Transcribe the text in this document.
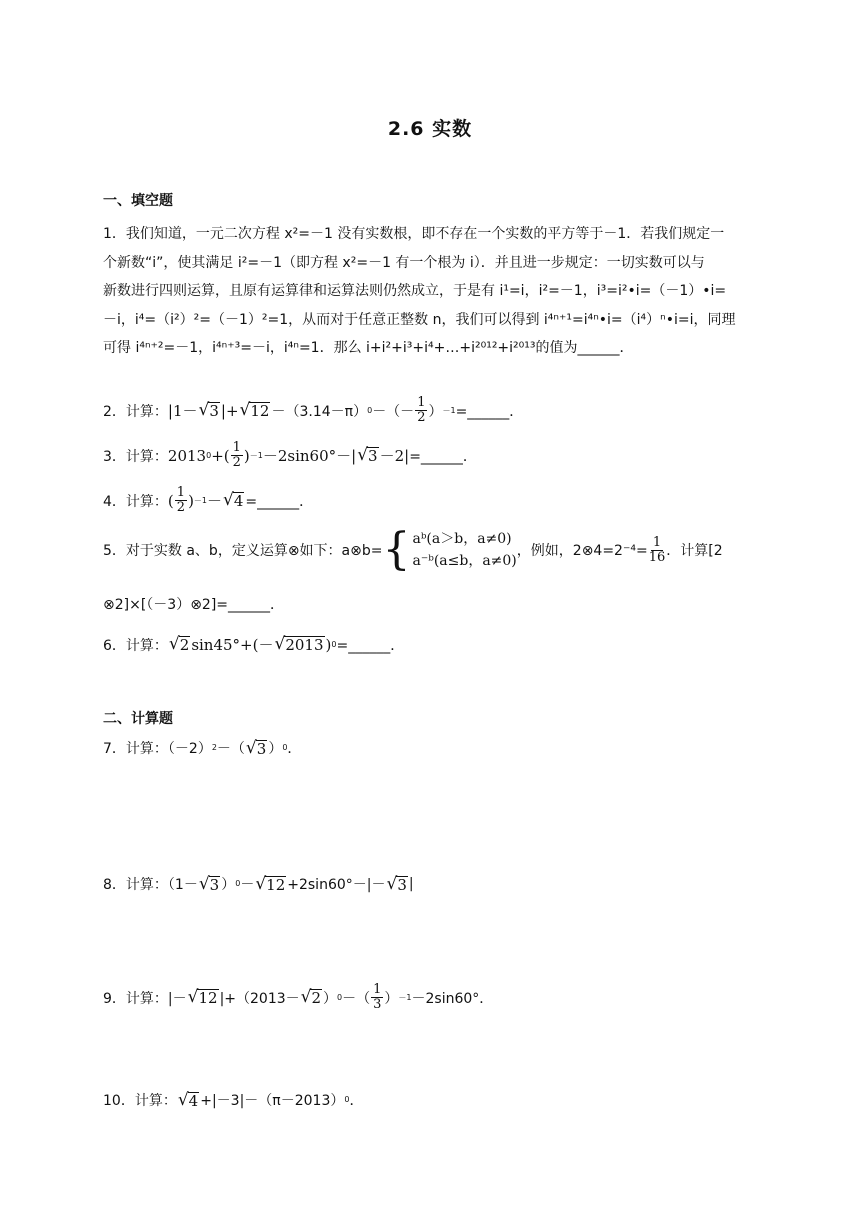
2.6 实数
一、填空题
1．我们知道，一元二次方程 x²=－1 没有实数根，即不存在一个实数的平方等于－1．若我们规定一
个新数“i”，使其满足 i²=－1（即方程 x²=－1 有一个根为 i）．并且进一步规定：一切实数可以与
新数进行四则运算，且原有运算律和运算法则仍然成立，于是有 i¹=i，i²=－1，i³=i²•i=（－1）•i=
－i，i⁴=（i²）²=（－1）²=1，从而对于任意正整数 n，我们可以得到 i⁴ⁿ⁺¹=i⁴ⁿ•i=（i⁴）ⁿ•i=i，同理
可得 i⁴ⁿ⁺²=－1，i⁴ⁿ⁺³=－i，i⁴ⁿ=1．那么 i+i²+i³+i⁴+…+i²⁰¹²+i²⁰¹³的值为______．
2．计算： |1－ √ 3 |+ √ 12 －（3.14－π） 0 －（－ $\frac{1}{2}$ ） －1 =______．
3．计算： 2013 0 +( $\frac{1}{2}$ ) －1 －2sin60°－| √ 3 －2| =______．
4．计算： ( $\frac{1}{2}$ ) －1 － √ 4 =______．
5．对于实数 a、b，定义运算⊗如下：a⊗b= { aᵇ(a＞b，a≠0)
a⁻ᵇ(a≤b，a≠0)
，例如，2⊗4=2⁻⁴= $\frac{1}{16}$ ．计算[2
⊗2]×[（－3）⊗2]=______．
6．计算： √ 2 sin45°+(－ √ 2013 ) 0 =______．
二、计算题
7．计算：（－2） 2 －（ √ 3 ） 0 ．
8．计算：（1－ √ 3 ） 0 － √ 12 +2sin60°－|－ √ 3 |
9．计算：|－ √ 12 |+（2013－ √ 2 ） 0 －（ $\frac{1}{3}$ ） －1 －2sin60°．
10．计算： √ 4 +|－3|－（π－2013） 0 ．
